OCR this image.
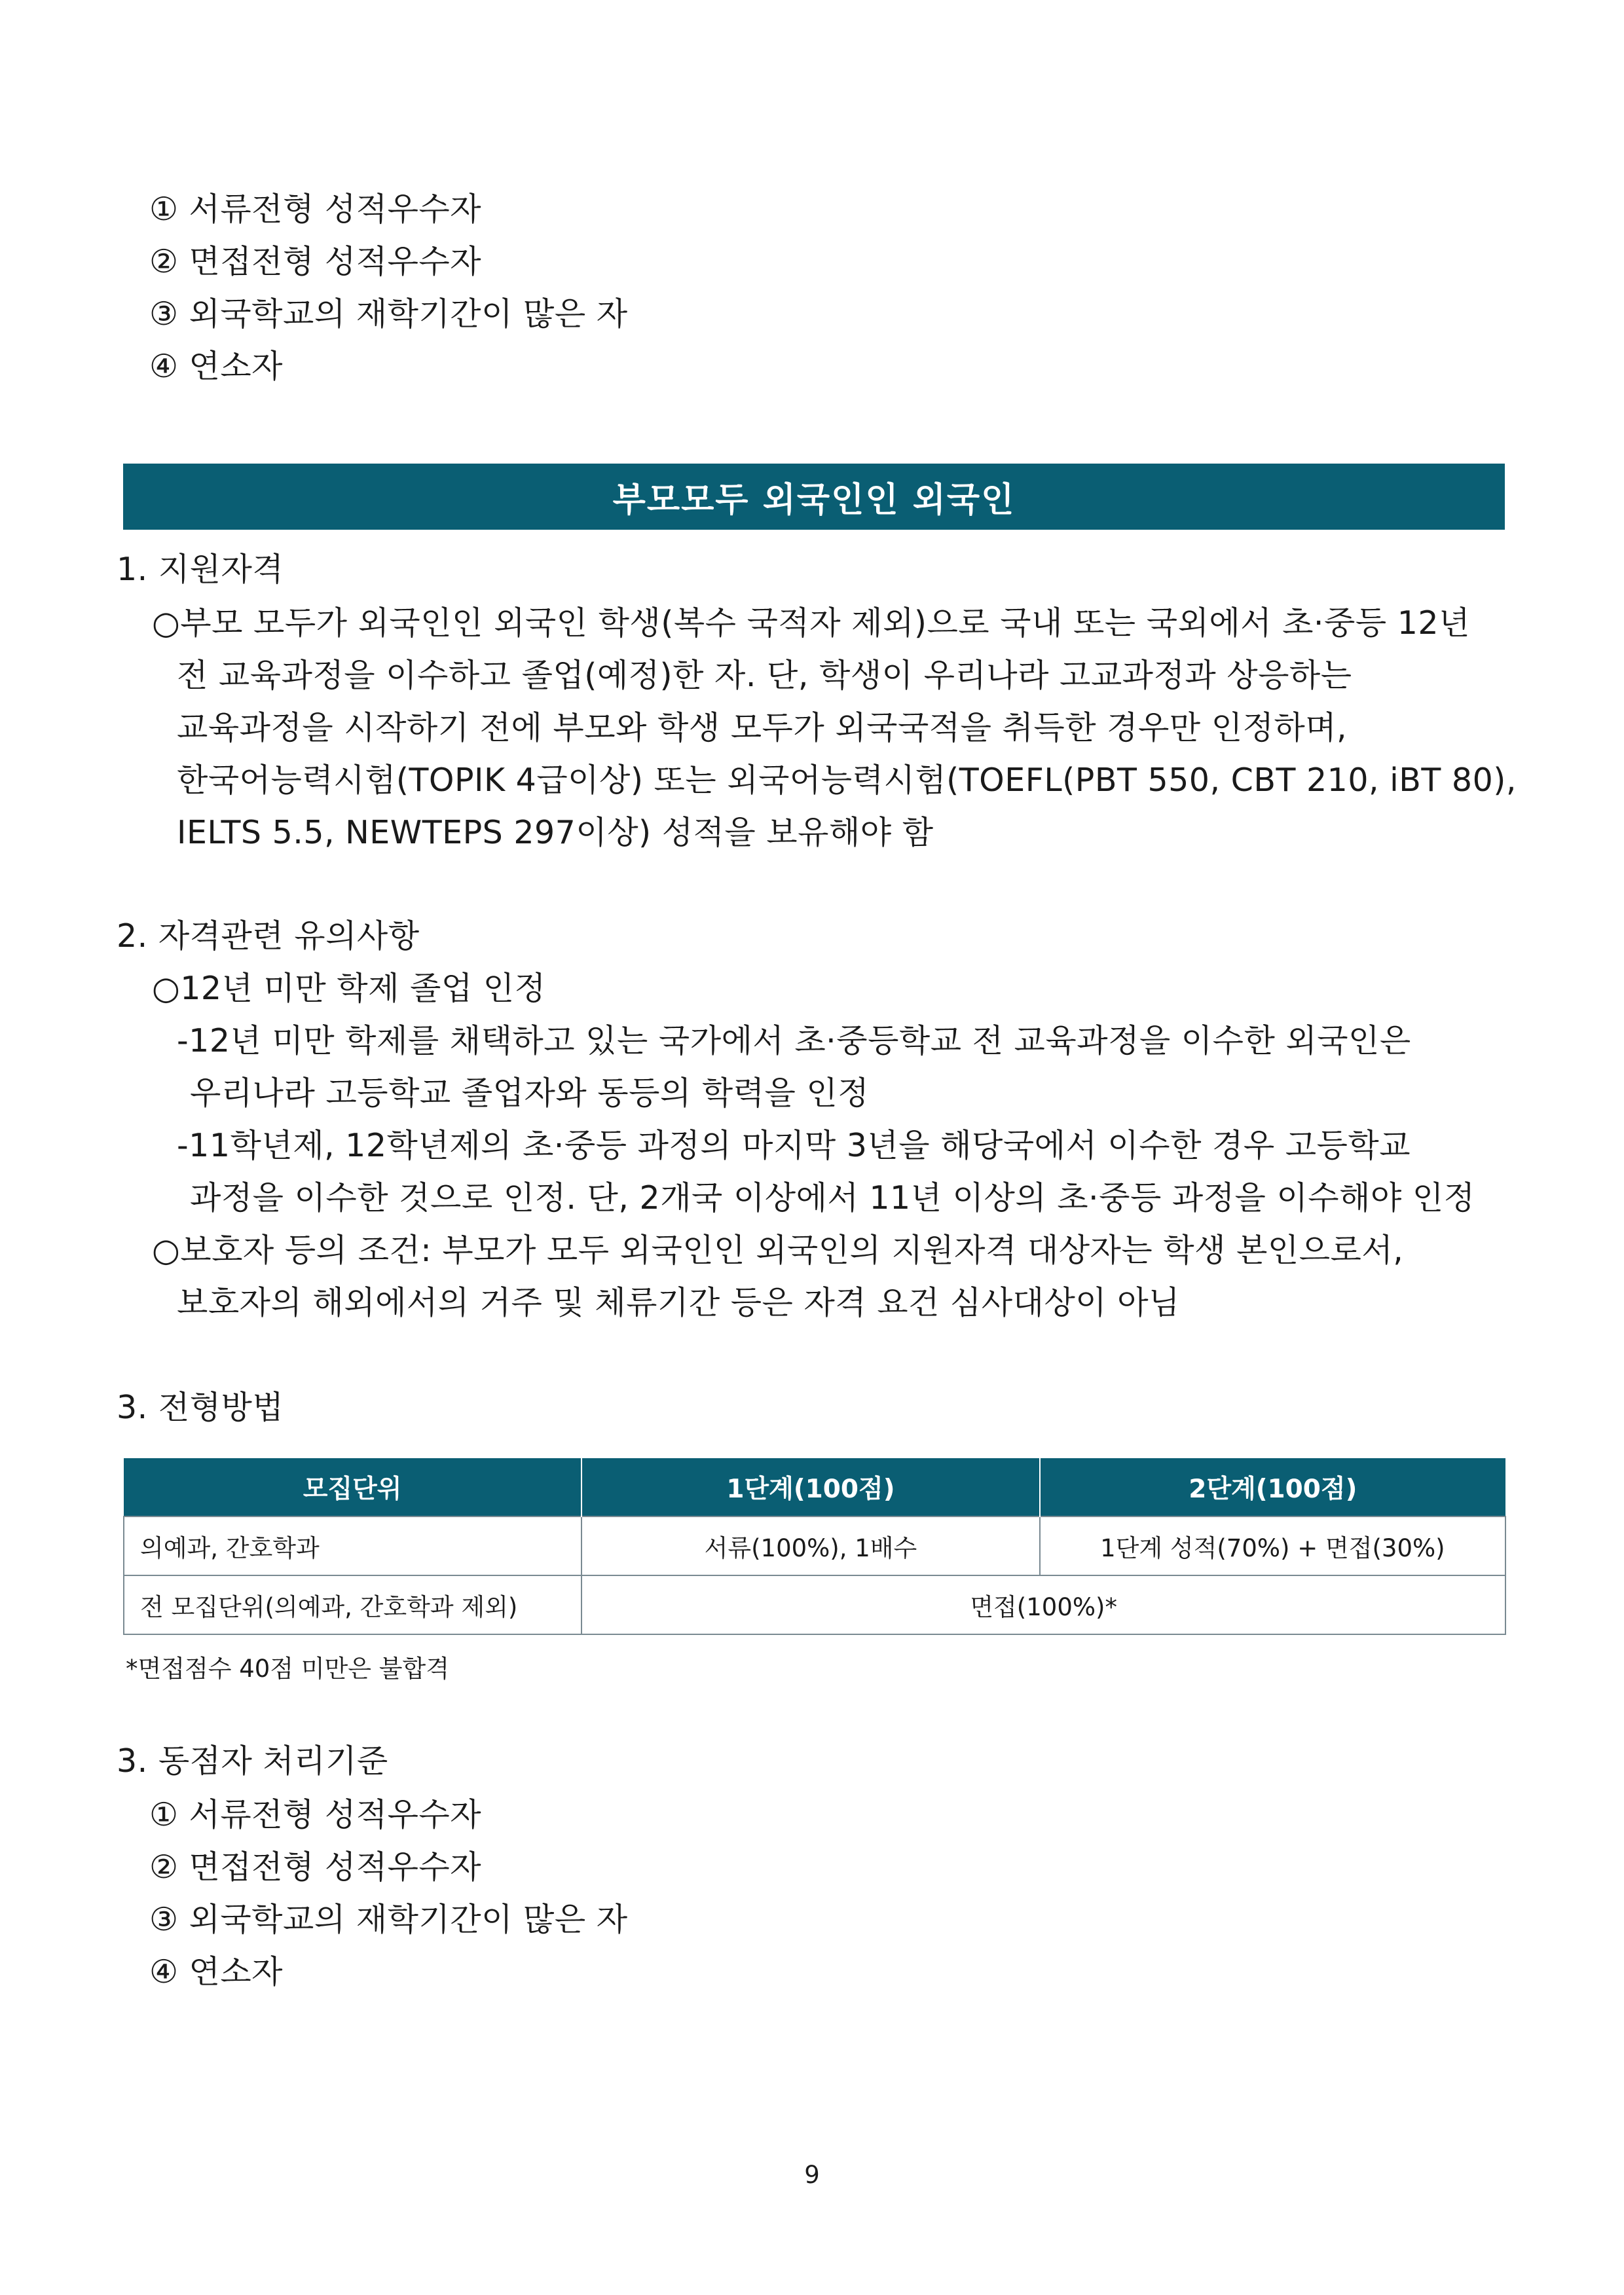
① 서류전형 성적우수자
② 면접전형 성적우수자
③ 외국학교의 재학기간이 많은 자
④ 연소자
부모모두 외국인인 외국인
1. 지원자격
○부모 모두가 외국인인 외국인 학생(복수 국적자 제외)으로 국내 또는 국외에서 초·중등 12년
전 교육과정을 이수하고 졸업(예정)한 자. 단, 학생이 우리나라 고교과정과 상응하는
교육과정을 시작하기 전에 부모와 학생 모두가 외국국적을 취득한 경우만 인정하며,
한국어능력시험(TOPIK 4급이상) 또는 외국어능력시험(TOEFL(PBT 550, CBT 210, iBT 80),
IELTS 5.5, NEWTEPS 297이상) 성적을 보유해야 함
2. 자격관련 유의사항
○12년 미만 학제 졸업 인정
-12년 미만 학제를 채택하고 있는 국가에서 초·중등학교 전 교육과정을 이수한 외국인은
우리나라 고등학교 졸업자와 동등의 학력을 인정
-11학년제, 12학년제의 초·중등 과정의 마지막 3년을 해당국에서 이수한 경우 고등학교
과정을 이수한 것으로 인정. 단, 2개국 이상에서 11년 이상의 초·중등 과정을 이수해야 인정
○보호자 등의 조건: 부모가 모두 외국인인 외국인의 지원자격 대상자는 학생 본인으로서,
보호자의 해외에서의 거주 및 체류기간 등은 자격 요건 심사대상이 아님
3. 전형방법
모집단위	1단계(100점)	2단계(100점)
의예과, 간호학과	서류(100%), 1배수	1단계 성적(70%) + 면접(30%)
전 모집단위(의예과, 간호학과 제외)	면접(100%)*	
*면접점수 40점 미만은 불합격
3. 동점자 처리기준
① 서류전형 성적우수자
② 면접전형 성적우수자
③ 외국학교의 재학기간이 많은 자
④ 연소자
9
